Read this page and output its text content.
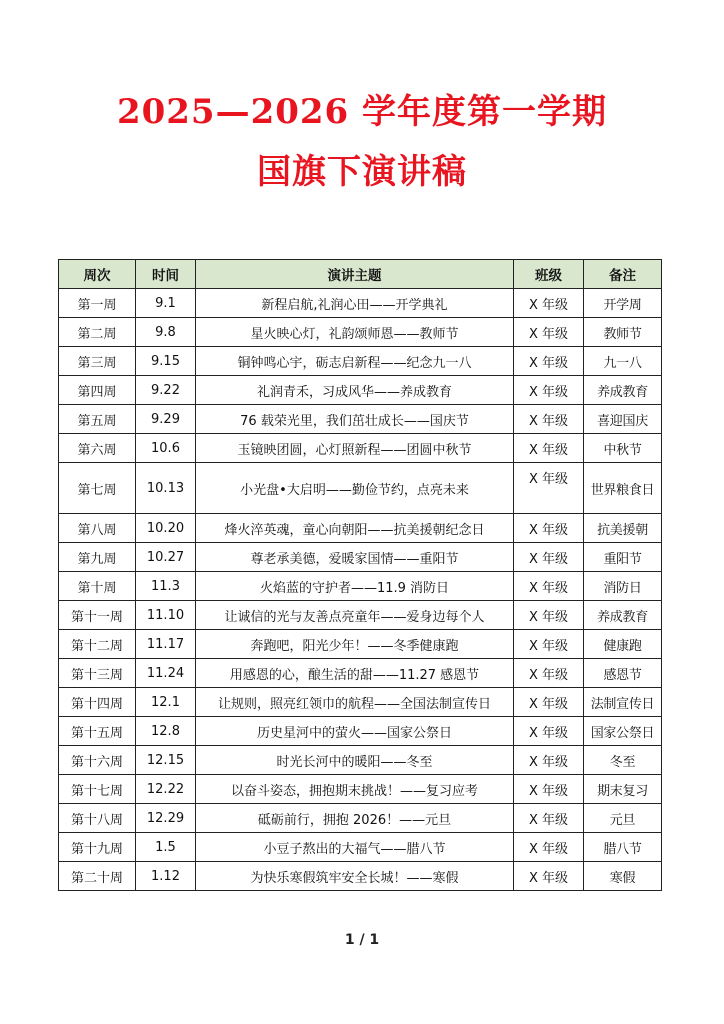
2025—2026 学年度第一学期
国旗下演讲稿
周次	时间	演讲主题	班级	备注
第一周	9.1	新程启航,礼润心田——开学典礼	X 年级	开学周
第二周	9.8	星火映心灯，礼韵颂师恩——教师节	X 年级	教师节
第三周	9.15	铜钟鸣心宇，砺志启新程——纪念九一八	X 年级	九一八
第四周	9.22	礼润青禾，习成风华——养成教育	X 年级	养成教育
第五周	9.29	76 载荣光里，我们茁壮成长——国庆节	X 年级	喜迎国庆
第六周	10.6	玉镜映团圆，心灯照新程——团圆中秋节	X 年级	中秋节
第七周	10.13	小光盘•大启明——勤俭节约，点亮未来	X 年级	世界粮食日
第八周	10.20	烽火淬英魂，童心向朝阳——抗美援朝纪念日	X 年级	抗美援朝
第九周	10.27	尊老承美德，爱暖家国情——重阳节	X 年级	重阳节
第十周	11.3	火焰蓝的守护者——11.9 消防日	X 年级	消防日
第十一周	11.10	让诚信的光与友善点亮童年——爱身边每个人	X 年级	养成教育
第十二周	11.17	奔跑吧，阳光少年！——冬季健康跑	X 年级	健康跑
第十三周	11.24	用感恩的心，酿生活的甜——11.27 感恩节	X 年级	感恩节
第十四周	12.1	让规则，照亮红领巾的航程——全国法制宣传日	X 年级	法制宣传日
第十五周	12.8	历史星河中的萤火——国家公祭日	X 年级	国家公祭日
第十六周	12.15	时光长河中的暖阳——冬至	X 年级	冬至
第十七周	12.22	以奋斗姿态，拥抱期末挑战！——复习应考	X 年级	期末复习
第十八周	12.29	砥砺前行，拥抱 2026！——元旦	X 年级	元旦
第十九周	1.5	小豆子熬出的大福气——腊八节	X 年级	腊八节
第二十周	1.12	为快乐寒假筑牢安全长城！——寒假	X 年级	寒假
1 / 1
